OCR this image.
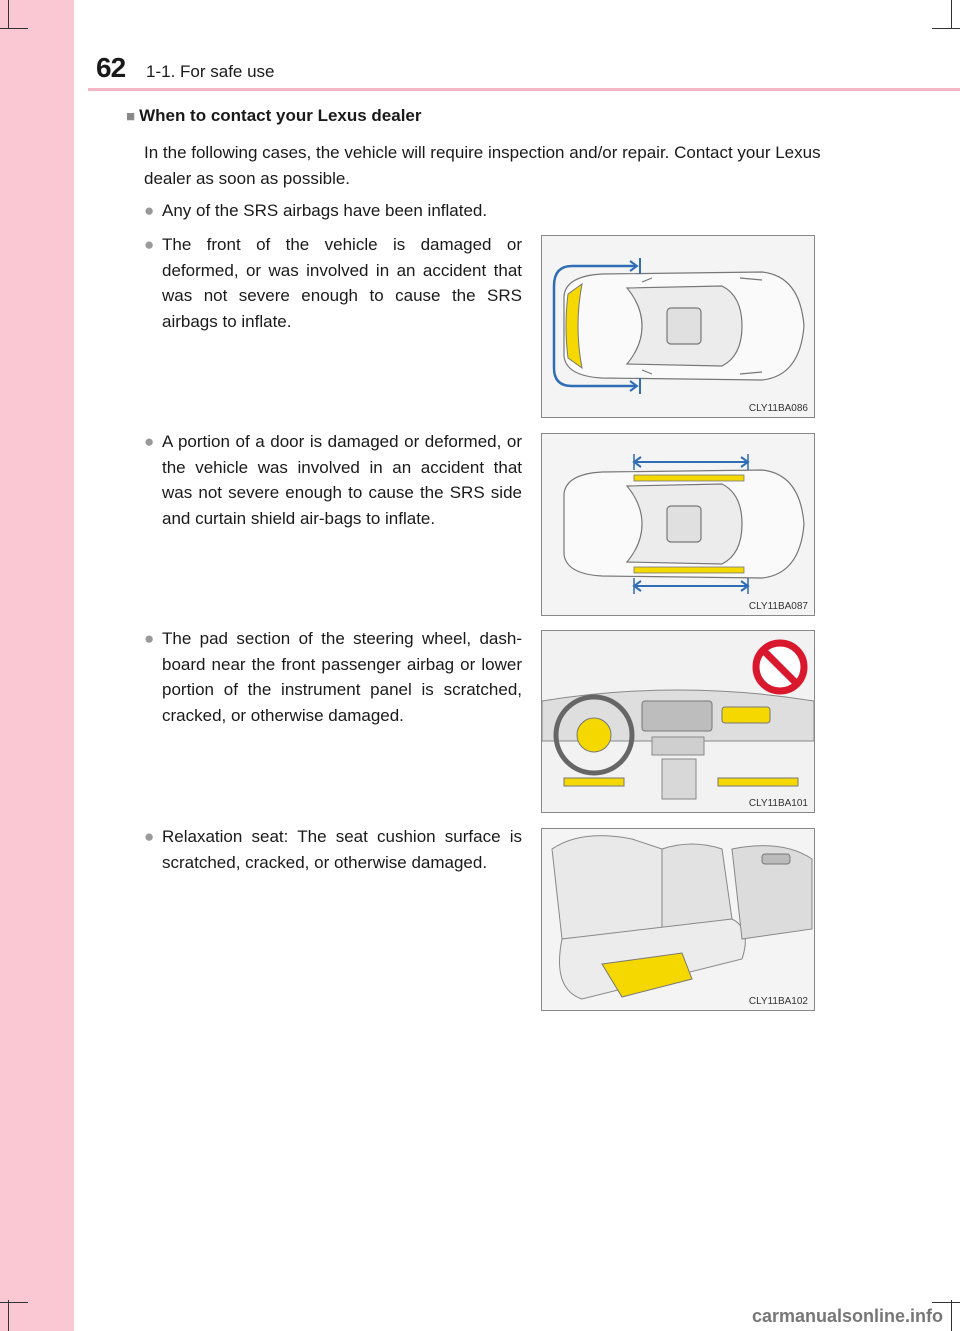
62 1-1. For safe use
■ When to contact your Lexus dealer
In the following cases, the vehicle will require inspection and/or repair. Contact your Lexus dealer as soon as possible.
● Any of the SRS airbags have been inflated.
● The front of the vehicle is damaged or deformed, or was involved in an accident that was not severe enough to cause the SRS airbags to inflate.
● A portion of a door is damaged or deformed, or the vehicle was involved in an accident that was not severe enough to cause the SRS side and curtain shield air-bags to inflate.
● The pad section of the steering wheel, dash-board near the front passenger airbag or lower portion of the instrument panel is scratched, cracked, or otherwise damaged.
● Relaxation seat: The seat cushion surface is scratched, cracked, or otherwise damaged.
CLY11BA086
CLY11BA087
CLY11BA101
CLY11BA102
carmanualsonline.info
